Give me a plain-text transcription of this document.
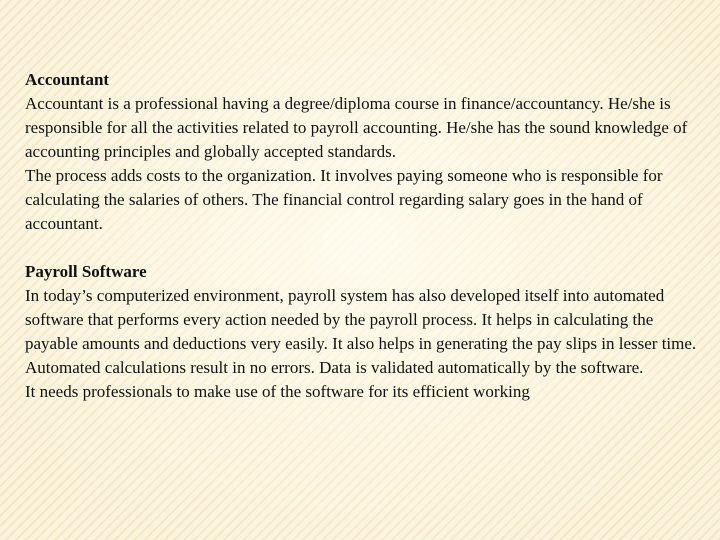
Accountant

Accountant is a professional having a degree/diploma course in finance/accountancy. He/she is responsible for all the activities related to payroll accounting. He/she has the sound knowledge of accounting principles and globally accepted standards.

The process adds costs to the organization. It involves paying someone who is responsible for calculating the salaries of others. The financial control regarding salary goes in the hand of accountant.

Payroll Software

In today’s computerized environment, payroll system has also developed itself into automated software that performs every action needed by the payroll process. It helps in calculating the payable amounts and deductions very easily. It also helps in generating the pay slips in lesser time. Automated calculations result in no errors. Data is validated automatically by the software.

It needs professionals to make use of the software for its efficient working
